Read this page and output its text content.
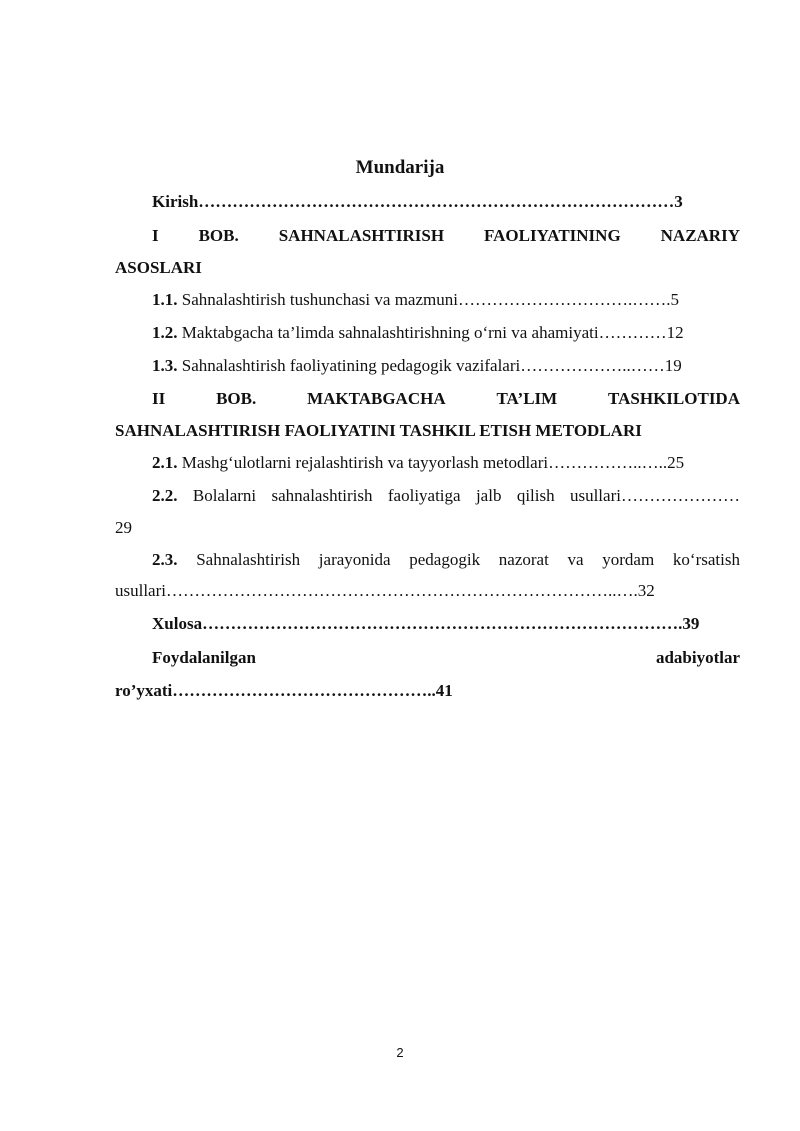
Mundarija
Kirish…………………………………………………………………………3
I BOB. SAHNALASHTIRISH FAOLIYATINING NAZARIY
ASOSLARI
1.1. Sahnalashtirish tushunchasi va mazmuni………………………….…….5
1.2. Maktabgacha ta’limda sahnalashtirishning o‘rni va ahamiyati…………12
1.3. Sahnalashtirish faoliyatining pedagogik vazifalari………………..……19
II	BOB.	MAKTABGACHA	TA’LIM	TASHKILOTIDA
SAHNALASHTIRISH FAOLIYATINI TASHKIL ETISH METODLARI
2.1. Mashg‘ulotlarni rejalashtirish va tayyorlash metodlari……………..…..25
2.2. Bolalarni sahnalashtirish faoliyatiga jalb qilish usullari…………………
29
2.3. Sahnalashtirish jarayonida pedagogik nazorat va yordam ko‘rsatish
usullari……………………………………………………………………..….32
Xulosa………………………………………………………………………….39
Foydalanilgan	adabiyotlar
ro’yxati………………………………………..41
2
